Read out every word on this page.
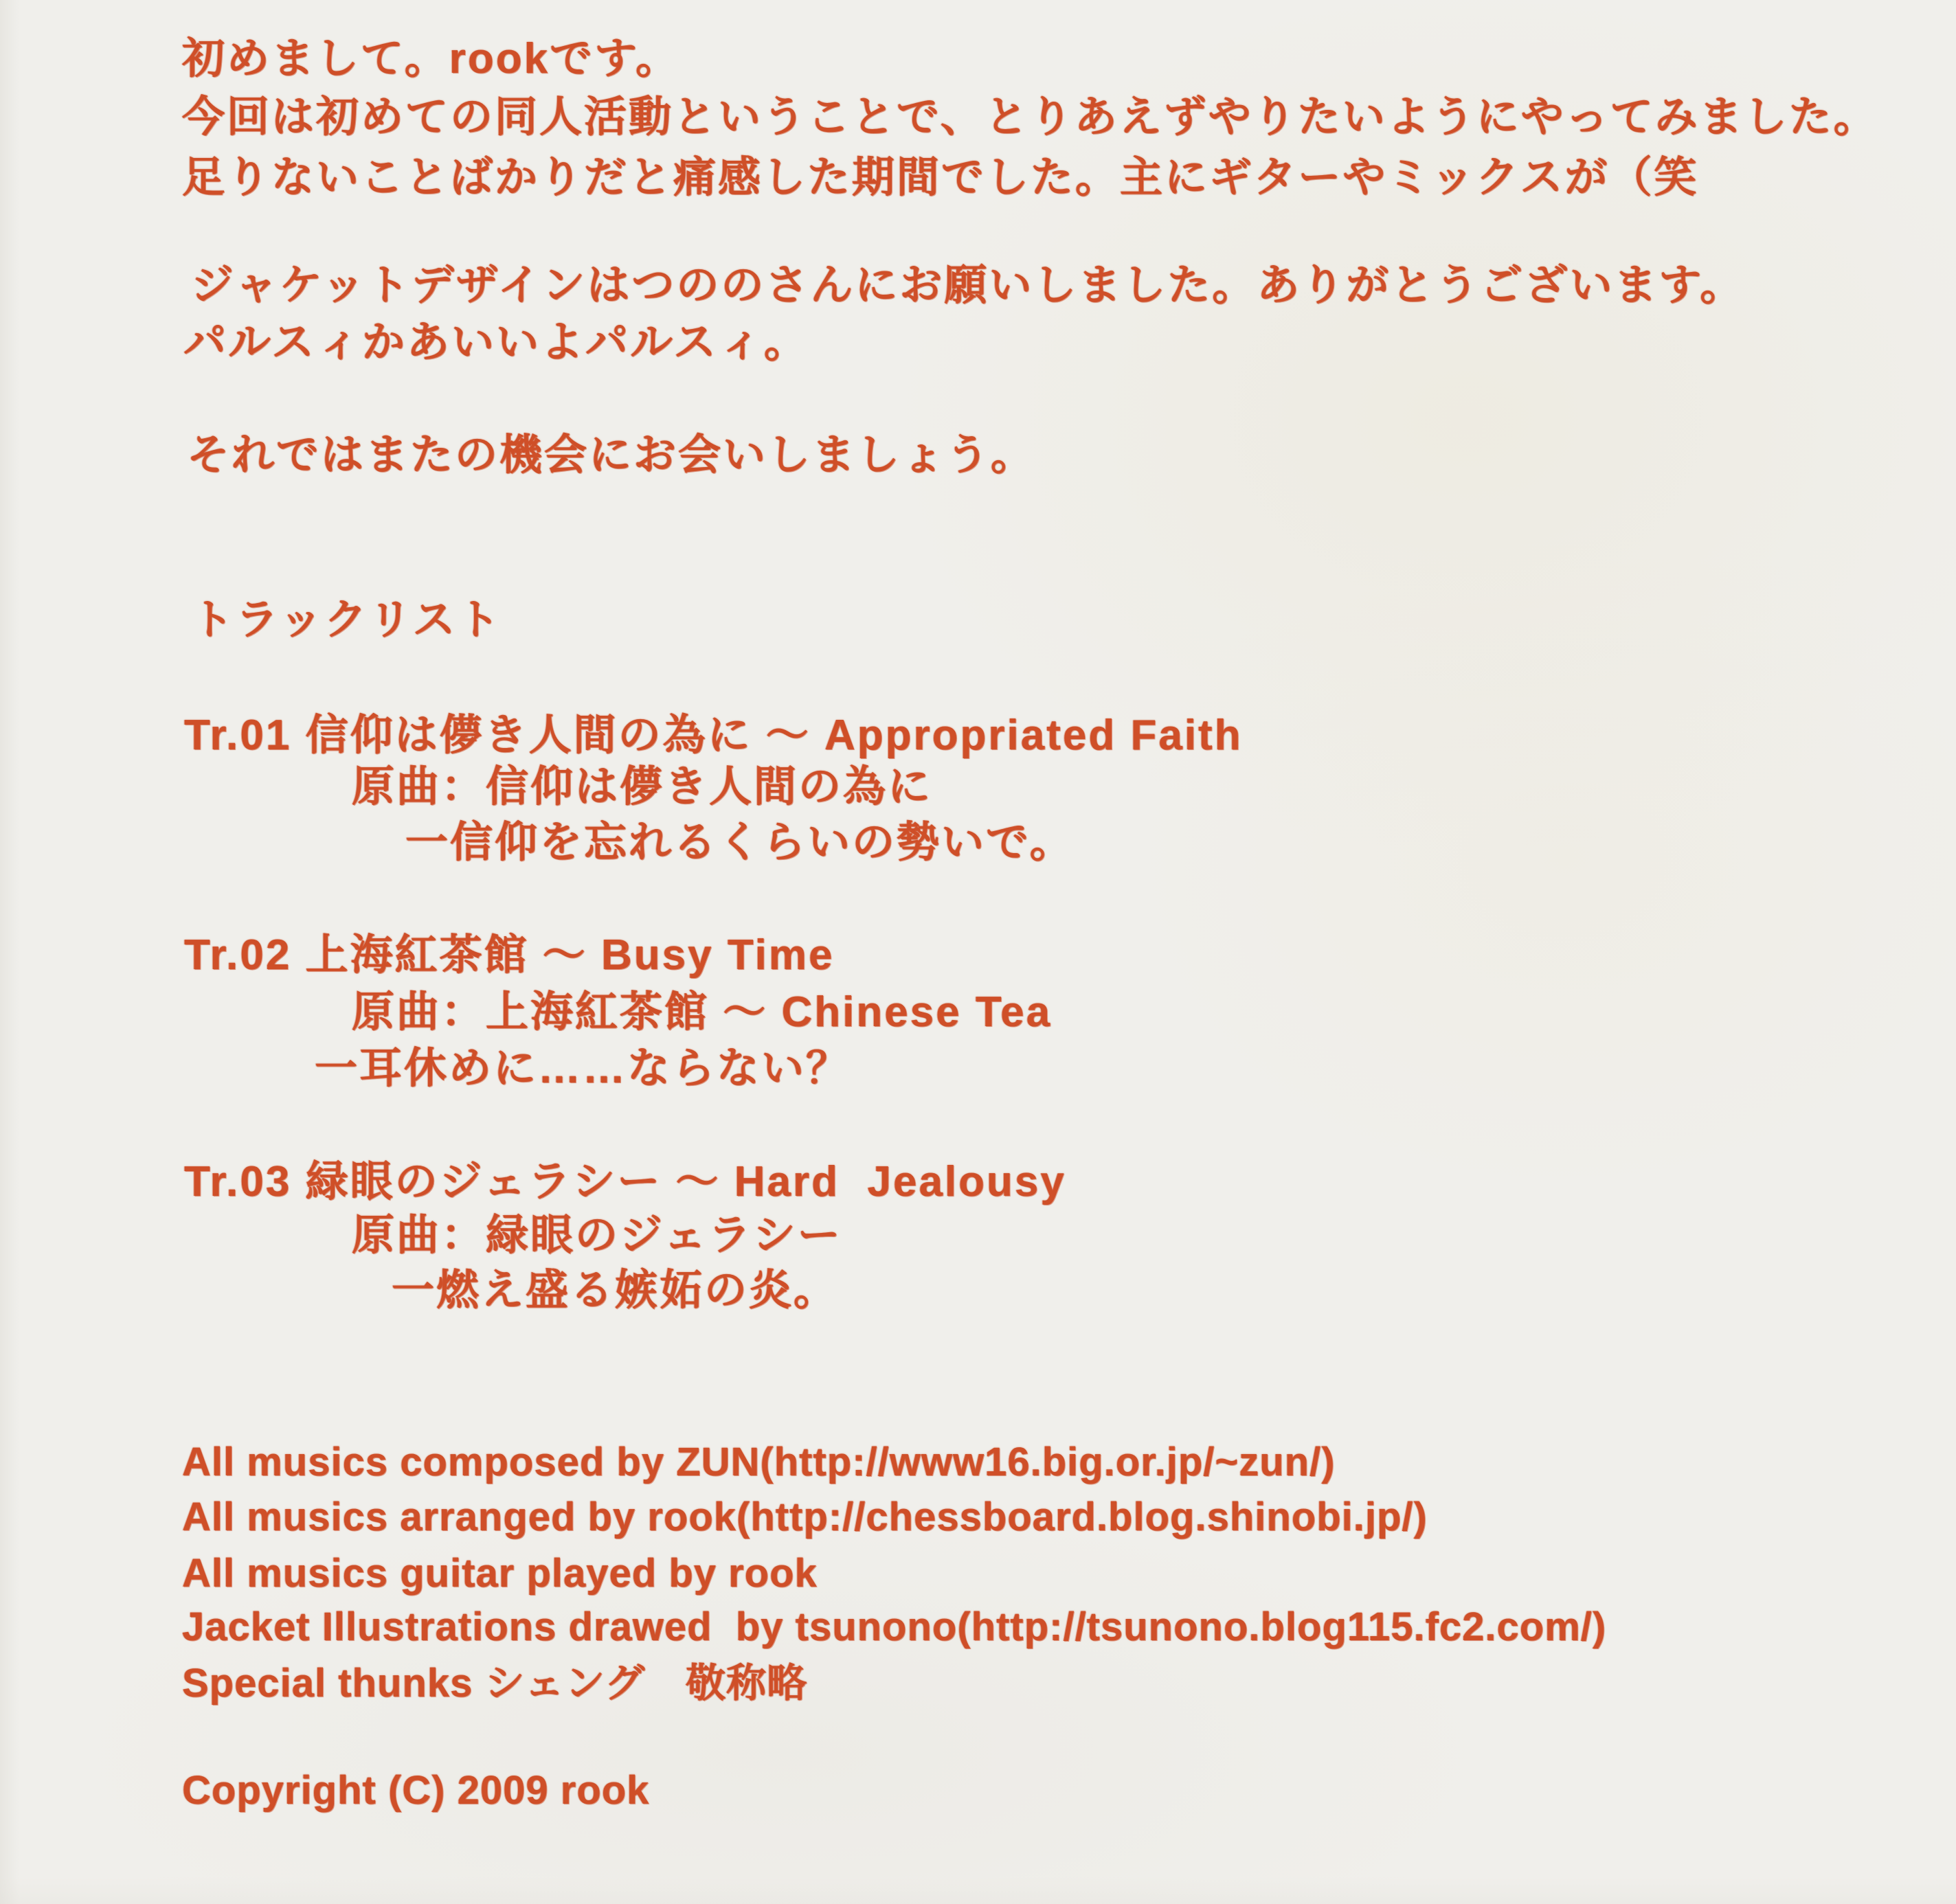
初めまして。rookです。
今回は初めての同人活動ということで、とりあえずやりたいようにやってみました。
足りないことばかりだと痛感した期間でした。主にギターやミックスが（笑
ジャケットデザインはつののさんにお願いしました。ありがとうございます。
パルスィかあいいよパルスィ。
それではまたの機会にお会いしましょう。
トラックリスト
Tr.01 信仰は儚き人間の為に ～ Appropriated Faith
原曲：信仰は儚き人間の為に
一信仰を忘れるくらいの勢いで。
Tr.02 上海紅茶館 ～ Busy Time
原曲：上海紅茶館 ～ Chinese Tea
一耳休めに……ならない？
Tr.03 緑眼のジェラシー ～ Hard  Jealousy
原曲：緑眼のジェラシー
一燃え盛る嫉妬の炎。
All musics composed by ZUN(http://www16.big.or.jp/~zun/)
All musics arranged by rook(http://chessboard.blog.shinobi.jp/)
All musics guitar played by rook
Jacket Illustrations drawed  by tsunono(http://tsunono.blog115.fc2.com/)
Special thunks シェング　敬称略
Copyright (C) 2009 rook
